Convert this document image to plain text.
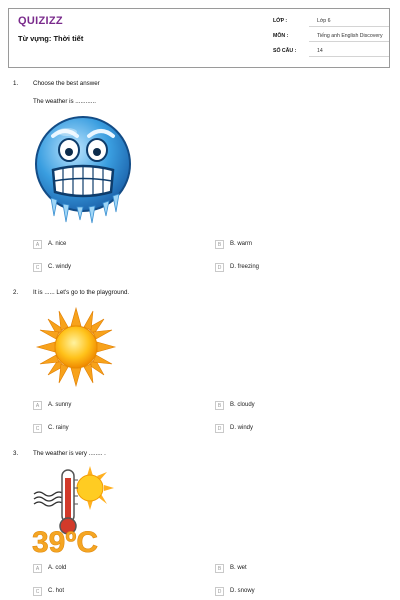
QUIZIZZ
Từ vựng: Thời tiết
LỚP :	Lớp 6
MÔN :	Tiếng anh English Discovery
SỐ CÂU :	14
1. Choose the best answer
The weather is ............
A A. nice	B B. warm
C C. windy	D D. freezing
2. It is ...... Let's go to the playground.
A A. sunny	B B. cloudy
C C. rainy	D D. windy
3. The weather is very ........ .
39ºC
A A. cold	B B. wet
C C. hot	D D. snowy
